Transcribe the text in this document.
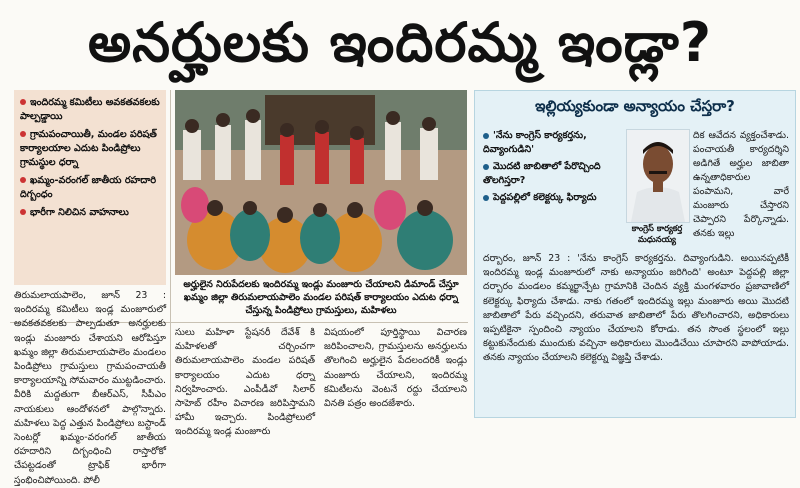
అనర్హులకు ఇందిరమ్మ ఇండ్లా?
ఇందిరమ్మ కమిటీలు అవకతవకలకు పాల్పడ్డాయి
గ్రామపంచాయితీ, మండల పరిషత్ కార్యాలయాల ఎదుట పిండిప్రోలు గ్రామస్థుల ధర్నా
ఖమ్మం-వరంగల్ జాతీయ రహదారి దిగ్బంధం
భారీగా నిలిచిన వాహనాలు
అర్హులైన నిరుపేదలకు ఇందిరమ్మ ఇండ్లు మంజూరు చేయాలని డిమాండ్ చేస్తూ ఖమ్మం జిల్లా తిరుమలాయపాలెం మండల పరిషత్ కార్యాలయం ఎదుట ధర్నా చేస్తున్న పిండిప్రోలు గ్రామస్తులు, మహిళలు

తిరుమలాయపాలెం, జూన్ 23 : ఇందిరమ్మ కమిటీలు ఇండ్ల మంజూరులో అవకతవకలకు పాల్పడుతూ అనర్హులకు ఇండ్లు మంజూరు చేశాయని ఆరోపిస్తూ ఖమ్మం జిల్లా తిరుమలాయపాలెం మండలం పిండిప్రోలు గ్రామస్తులు గ్రామపంచాయతీ కార్యాలయాన్ని సోమవారం ముట్టడించారు. వీరికి మద్దతుగా బీఆర్ఎస్, సీపీఎం నాయకులు ఆందోళనలో పాల్గొన్నారు. మహిళలు పెద్ద ఎత్తున పిండిప్రోలు బస్టాండ్ సెంటర్లో ఖమ్మం-వరంగల్ జాతీయ రహదారిని దిగ్బంధించి రాస్తారోకో చేపట్టడంతో ట్రాఫిక్ భారీగా స్తంభించిపోయింది. పోలీ

సులు మహిళా స్టేషనరీ దేవేశ్ కి మహిళలతో చర్చించగా తిరుమలాయపాలెం మండల పరిషత్ కార్యాలయం ఎదుట ధర్నా నిర్వహించారు. ఎంపీడీవో సిలార్ సాహెబ్ రహీం విచారణ జరిపిస్తామని హామీ ఇచ్చారు. పిండిప్రోలులో ఇందిరమ్మ ఇండ్ల మంజూరు

విషయంలో పూర్తిస్థాయి విచారణ జరిపించాలని, గ్రామస్తులను అనర్హులను తొలగించి అర్హులైన పేదలందరికీ ఇండ్లు మంజూరు చేయాలని, ఇందిరమ్మ కమిటీలను వెంటనే రద్దు చేయాలని వినతి పత్రం అందజేశారు.

ఇల్లియ్యకుండా అన్యాయం చేస్తరా?
'నేను కాంగ్రెస్ కార్యకర్తను, దివ్యాంగుడిని'
మొదటి జాబితాలో పేరొచ్చింది తొలగిస్తరా?
పెద్దపల్లిలో కలెక్టర్కు ఫిర్యాదు
కాంగ్రెస్ కార్యకర్త మధునయ్య
దిక ఆవేదన వ్యక్తంచేశాడు. పంచాయతీ కార్యదర్శిని అడిగితే అర్హుల జాబితా ఉన్నతాధికారుల పంపామని, వారే మంజూరు చేస్తారని చెప్పారని పేర్కొన్నాడు. తనకు ఇల్లు
దర్బారం, జూన్ 23 : 'నేను కాంగ్రెస్ కార్యకర్తను. దివ్యాంగుడిని. అయినప్పటికీ ఇందిరమ్మ ఇండ్ల మంజూరులో నాకు అన్యాయం జరిగింది' అంటూ పెద్దపల్లి జిల్లా దర్బారం మండలం కమ్మర్ఖాన్పేట గ్రామానికి చెందిన వ్యక్తి మంగళవారం ప్రజావాణిలో కలెక్టర్కు ఫిర్యాదు చేశాడు. నాకు గతంలో ఇందిరమ్మ ఇల్లు మంజూరు అయి మొదటి జాబితాలో పేరు వచ్చిందని, తరువాత జాబితాలో పేరు తొలగించారని, అధికారులు ఇప్పటికైనా స్పందించి న్యాయం చేయాలని కోరాడు. తన సొంత స్థలంలో ఇల్లు కట్టుకునేందుకు ముందుకు వచ్చినా అధికారులు మొండిచేయి చూపారని వాపోయాడు. తనకు న్యాయం చేయాలని కలెక్టర్ను విజ్ఞప్తి చేశాడు.
